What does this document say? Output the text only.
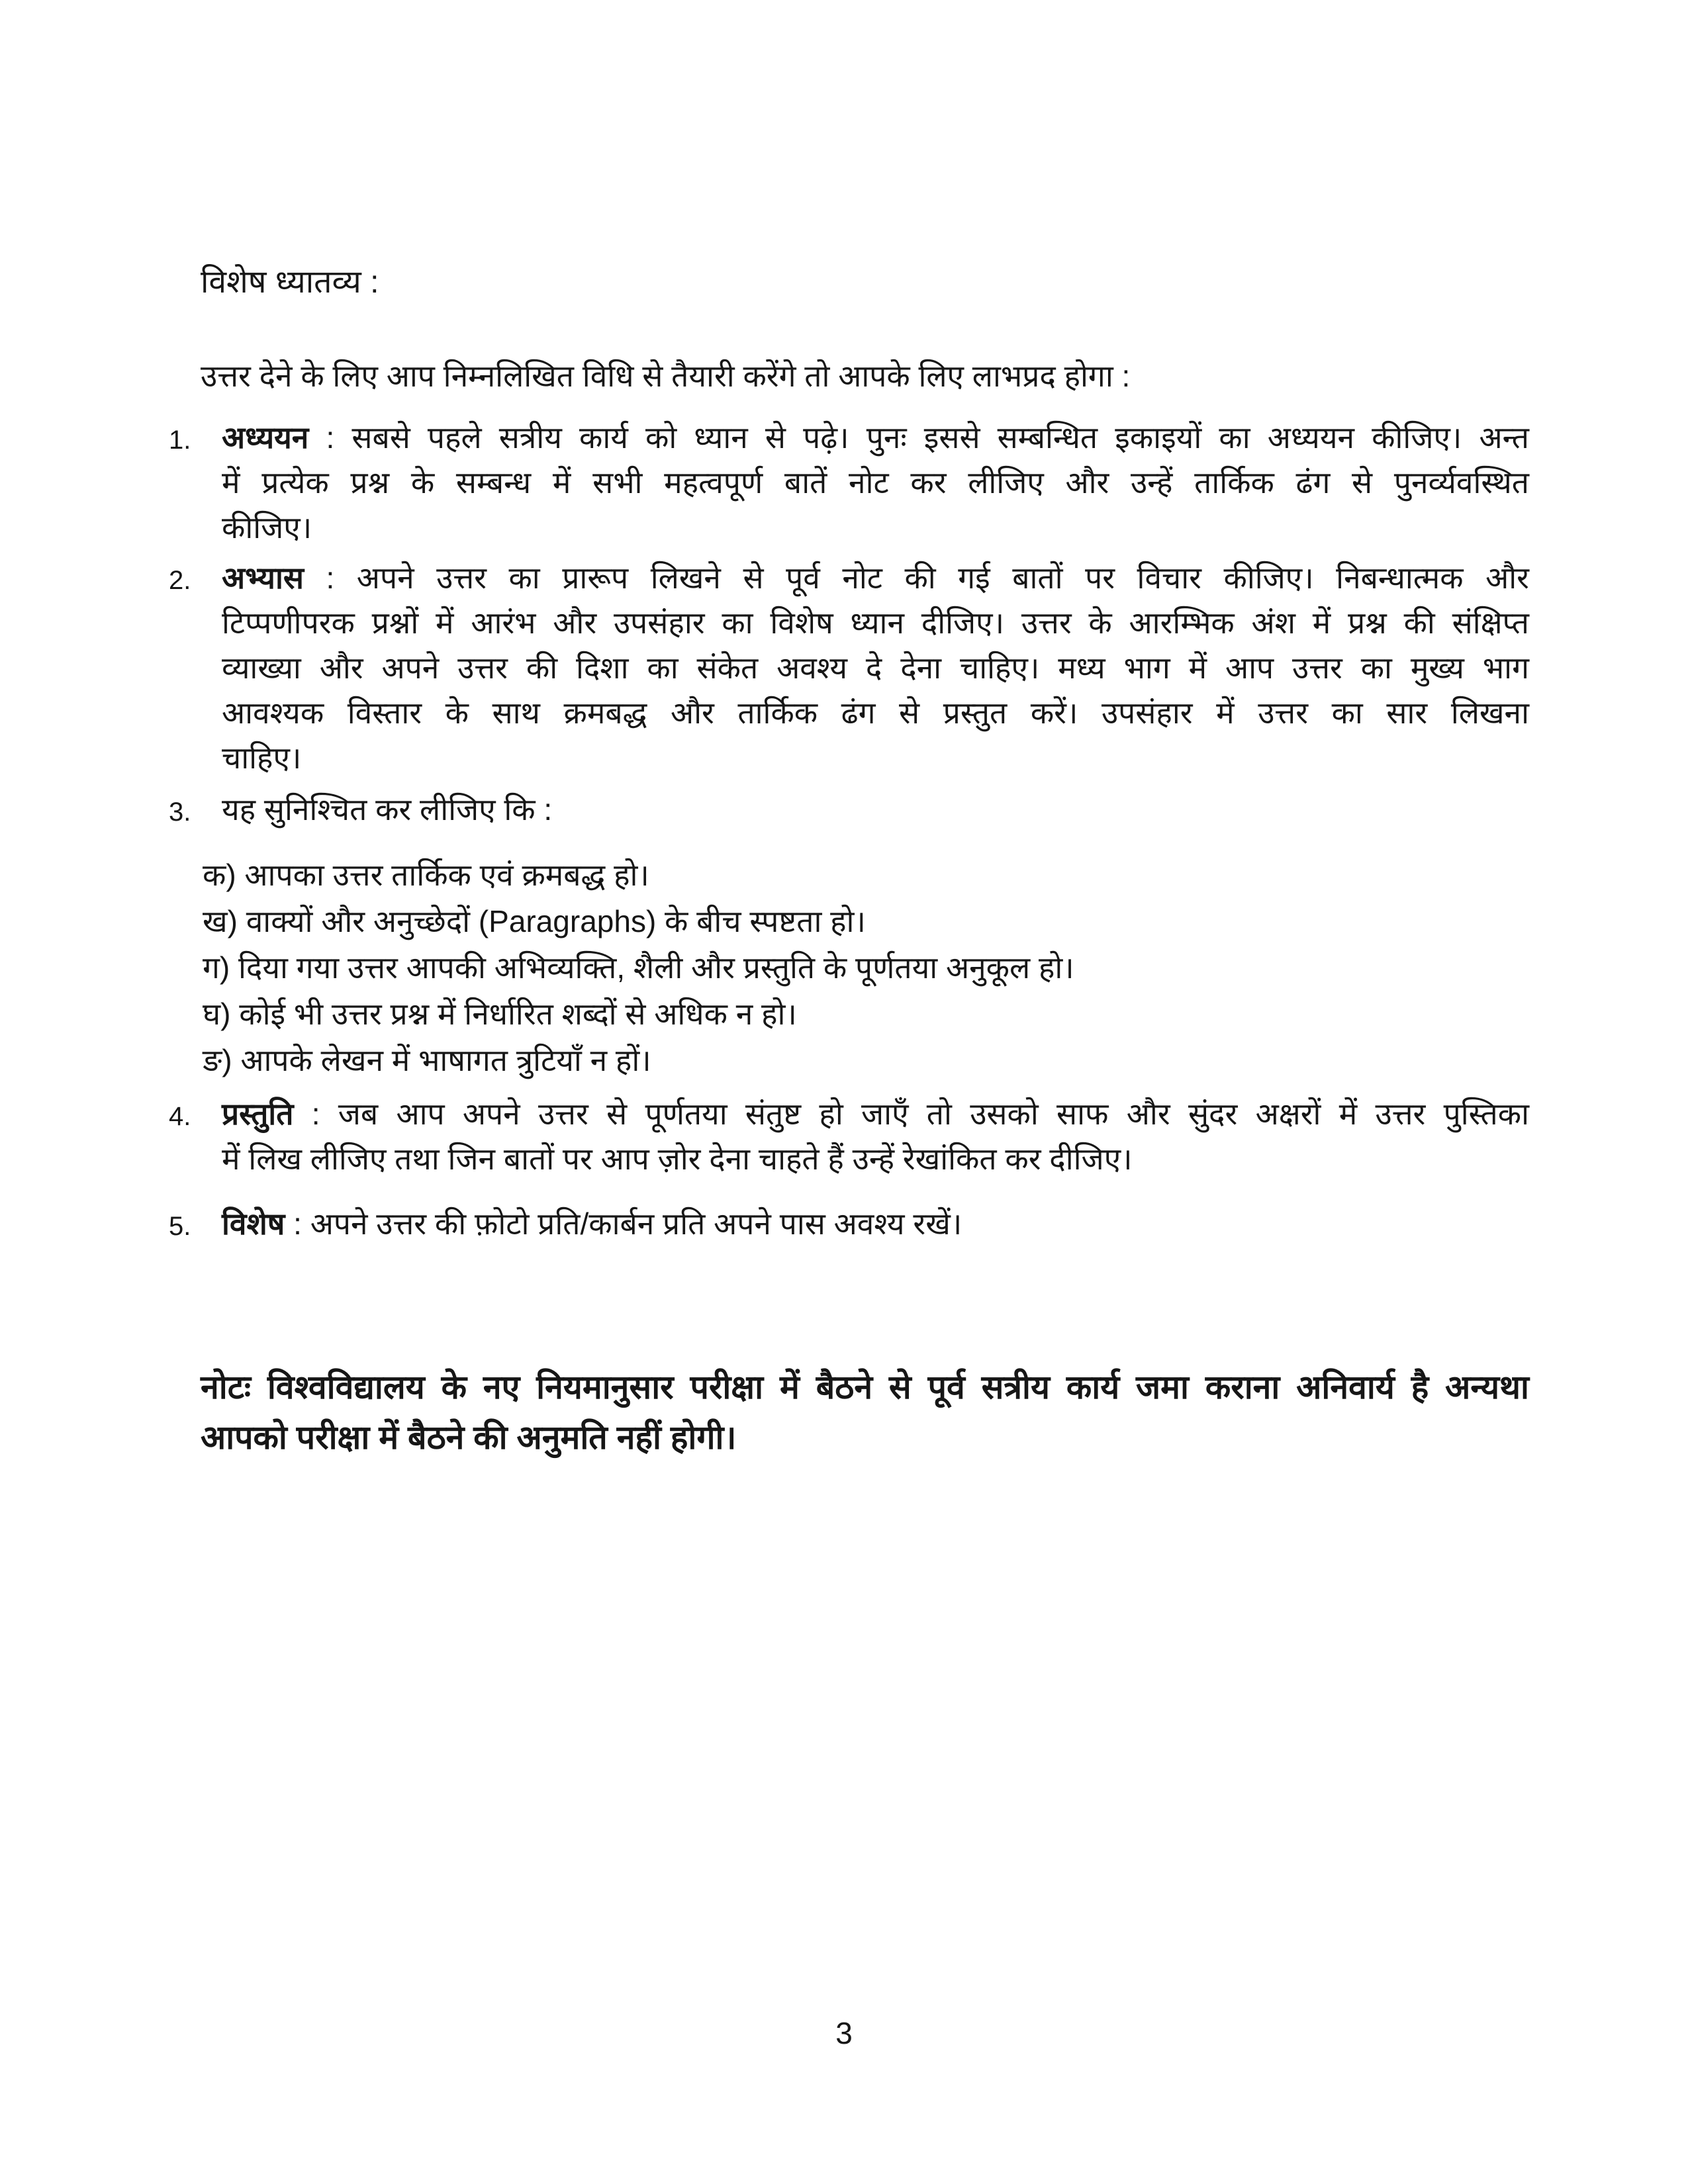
विशेष ध्यातव्य :
उत्तर देने के लिए आप निम्नलिखित विधि से तैयारी करेंगे तो आपके लिए लाभप्रद होगा :
1. अध्ययन : सबसे पहले सत्रीय कार्य को ध्यान से पढ़े। पुनः इससे सम्बन्धित इकाइयों का अध्ययन कीजिए। अन्त
में प्रत्येक प्रश्न के सम्बन्ध में सभी महत्वपूर्ण बातें नोट कर लीजिए और उन्हें तार्किक ढंग से पुनर्व्यवस्थित
कीजिए।
2. अभ्यास : अपने उत्तर का प्रारूप लिखने से पूर्व नोट की गई बातों पर विचार कीजिए। निबन्धात्मक और
टिप्पणीपरक प्रश्नों में आरंभ और उपसंहार का विशेष ध्यान दीजिए। उत्तर के आरम्भिक अंश में प्रश्न की संक्षिप्त
व्याख्या और अपने उत्तर की दिशा का संकेत अवश्य दे देना चाहिए। मध्य भाग में आप उत्तर का मुख्य भाग
आवश्यक विस्तार के साथ क्रमबद्ध और तार्किक ढंग से प्रस्तुत करें। उपसंहार में उत्तर का सार लिखना
चाहिए।
3. यह सुनिश्चित कर लीजिए कि :
क) आपका उत्तर तार्किक एवं क्रमबद्ध हो।
ख) वाक्यों और अनुच्छेदों (Paragraphs) के बीच स्पष्टता हो।
ग) दिया गया उत्तर आपकी अभिव्यक्ति, शैली और प्रस्तुति के पूर्णतया अनुकूल हो।
घ) कोई भी उत्तर प्रश्न में निर्धारित शब्दों से अधिक न हो।
ङ) आपके लेखन में भाषागत त्रुटियाँ न हों।
4. प्रस्तुति : जब आप अपने उत्तर से पूर्णतया संतुष्ट हो जाएँ तो उसको साफ और सुंदर अक्षरों में उत्तर पुस्तिका
में लिख लीजिए तथा जिन बातों पर आप ज़ोर देना चाहते हैं उन्हें रेखांकित कर दीजिए।
5. विशेष : अपने उत्तर की फ़ोटो प्रति/कार्बन प्रति अपने पास अवश्य रखें।
नोटः विश्वविद्यालय के नए नियमानुसार परीक्षा में बैठने से पूर्व सत्रीय कार्य जमा कराना अनिवार्य है अन्यथा
आपको परीक्षा में बैठने की अनुमति नहीं होगी।
3
